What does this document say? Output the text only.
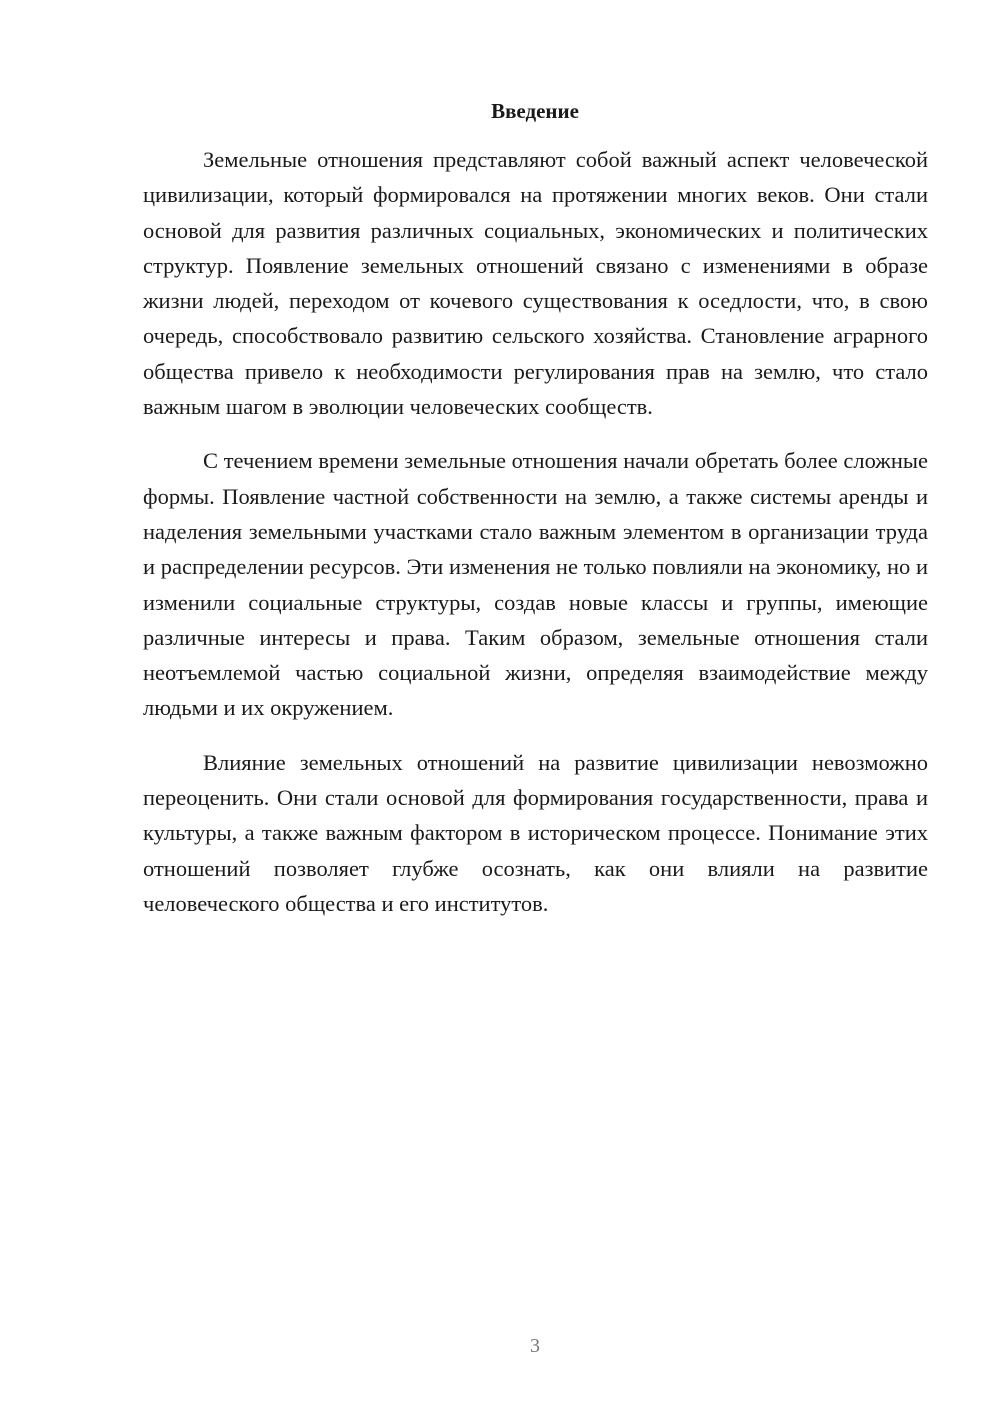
Введение

Земельные отношения представляют собой важный аспект человеческой цивилизации, который формировался на протяжении многих веков. Они стали основой для развития различных социальных, экономических и политических структур. Появление земельных отношений связано с изменениями в образе жизни людей, переходом от кочевого существования к оседлости, что, в свою очередь, способствовало развитию сельского хозяйства. Становление аграрного общества привело к необходимости регулирования прав на землю, что стало важным шагом в эволюции человеческих сообществ.

С течением времени земельные отношения начали обретать более сложные формы. Появление частной собственности на землю, а также системы аренды и наделения земельными участками стало важным элементом в организации труда и распределении ресурсов. Эти изменения не только повлияли на экономику, но и изменили социальные структуры, создав новые классы и группы, имеющие различные интересы и права. Таким образом, земельные отношения стали неотъемлемой частью социальной жизни, определяя взаимодействие между людьми и их окружением.

Влияние земельных отношений на развитие цивилизации невозможно переоценить. Они стали основой для формирования государственности, права и культуры, а также важным фактором в историческом процессе. Понимание этих отношений позволяет глубже осознать, как они влияли на развитие человеческого общества и его институтов.

3
